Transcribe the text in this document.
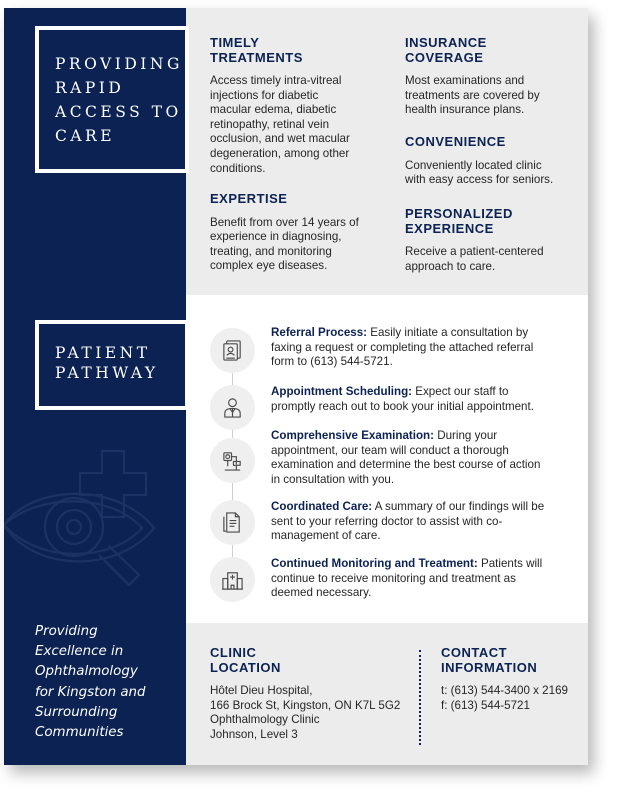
PROVIDING
RAPID
ACCESS TO
CARE
PATIENT
PATHWAY
Providing
Excellence in
Ophthalmology
for Kingston and
Surrounding
Communities
TIMELY
TREATMENTS
Access timely intra-vitreal
injections for diabetic
macular edema, diabetic
retinopathy, retinal vein
occlusion, and wet macular
degeneration, among other
conditions.
EXPERTISE
Benefit from over 14 years of
experience in diagnosing,
treating, and monitoring
complex eye diseases.
INSURANCE
COVERAGE
Most examinations and
treatments are covered by
health insurance plans.
CONVENIENCE
Conveniently located clinic
with easy access for seniors.
PERSONALIZED
EXPERIENCE
Receive a patient-centered
approach to care.
Referral Process: Easily initiate a consultation by
faxing a request or completing the attached referral
form to (613) 544-5721.
Appointment Scheduling: Expect our staff to
promptly reach out to book your initial appointment.
Comprehensive Examination: During your
appointment, our team will conduct a thorough
examination and determine the best course of action
in consultation with you.
Coordinated Care: A summary of our findings will be
sent to your referring doctor to assist with co-
management of care.
Continued Monitoring and Treatment: Patients will
continue to receive monitoring and treatment as
deemed necessary.
CLINIC
LOCATION
Hôtel Dieu Hospital,
166 Brock St, Kingston, ON K7L 5G2
Ophthalmology Clinic
Johnson, Level 3
CONTACT
INFORMATION
t: (613) 544-3400 x 2169
f: (613) 544-5721
